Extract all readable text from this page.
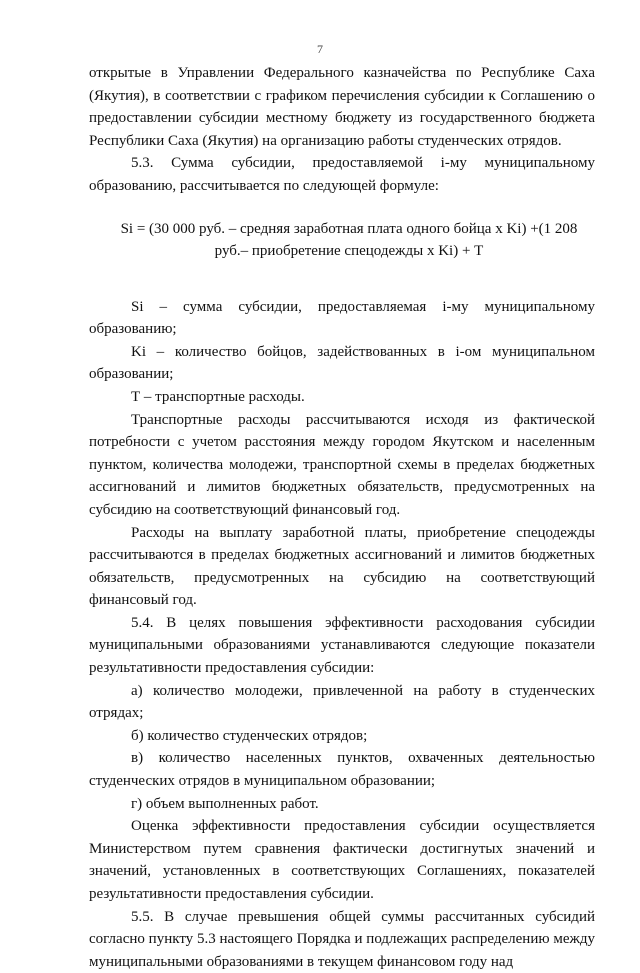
7

открытые в Управлении Федерального казначейства по Республике Саха (Якутия), в соответствии с графиком перечисления субсидии к Соглашению о предоставлении субсидии местному бюджету из государственного бюджета Республики Саха (Якутия) на организацию работы студенческих отрядов.

5.3. Сумма субсидии, предоставляемой i-му муниципальному образованию, рассчитывается по следующей формуле:

Si = (30 000 руб. – средняя заработная плата одного бойца х Ki) +(1 208
руб.– приобретение спецодежды х Ki) + Т

Si – сумма субсидии, предоставляемая i-му муниципальному образованию;

Ki – количество бойцов, задействованных в i-ом муниципальном образовании;

Т – транспортные расходы.

Транспортные расходы рассчитываются исходя из фактической потребности с учетом расстояния между городом Якутском и населенным пунктом, количества молодежи, транспортной схемы в пределах бюджетных ассигнований и лимитов бюджетных обязательств, предусмотренных на субсидию на соответствующий финансовый год.

Расходы на выплату заработной платы, приобретение спецодежды рассчитываются в пределах бюджетных ассигнований и лимитов бюджетных обязательств, предусмотренных на субсидию на соответствующий финансовый год.

5.4. В целях повышения эффективности расходования субсидии муниципальными образованиями устанавливаются следующие показатели результативности предоставления субсидии:

а) количество молодежи, привлеченной на работу в студенческих отрядах;

б) количество студенческих отрядов;

в) количество населенных пунктов, охваченных деятельностью студенческих отрядов в муниципальном образовании;

г) объем выполненных работ.

Оценка эффективности предоставления субсидии осуществляется Министерством путем сравнения фактически достигнутых значений и значений, установленных в соответствующих Соглашениях, показателей результативности предоставления субсидии.

5.5. В случае превышения общей суммы рассчитанных субсидий согласно пункту 5.3 настоящего Порядка и подлежащих распределению между муниципальными образованиями в текущем финансовом году над
